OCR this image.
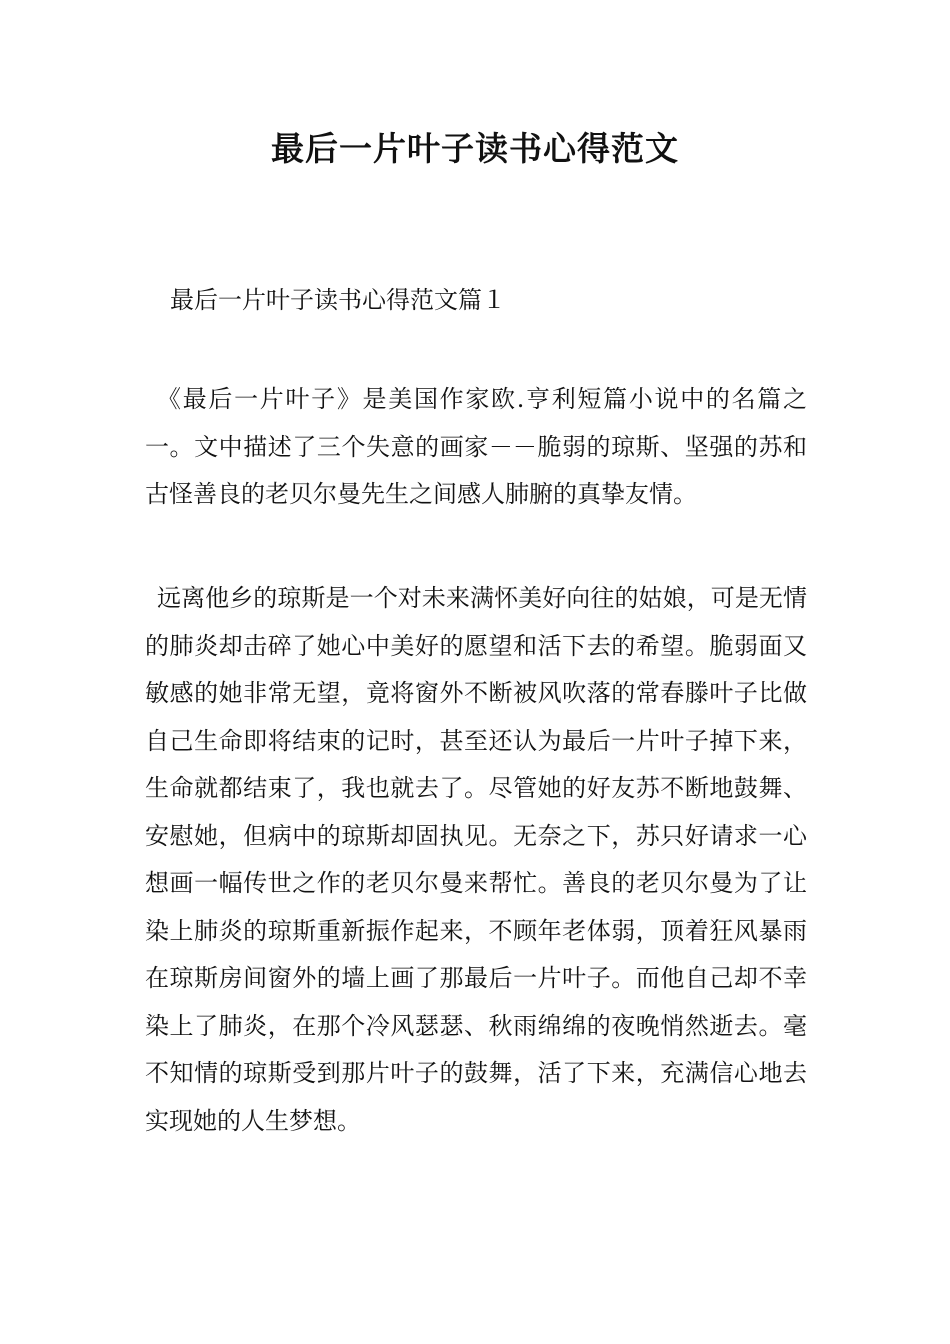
最后一片叶子读书心得范文
最后一片叶子读书心得范文篇１

《最后一片叶子》是美国作家欧.亨利短篇小说中的名篇之一。文中描述了三个失意的画家－－脆弱的琼斯、坚强的苏和古怪善良的老贝尔曼先生之间感人肺腑的真挚友情。

远离他乡的琼斯是一个对未来满怀美好向往的姑娘，可是无情的肺炎却击碎了她心中美好的愿望和活下去的希望。脆弱面又敏感的她非常无望，竟将窗外不断被风吹落的常春滕叶子比做自己生命即将结束的记时，甚至还认为最后一片叶子掉下来，生命就都结束了，我也就去了。尽管她的好友苏不断地鼓舞、安慰她，但病中的琼斯却固执见。无奈之下，苏只好请求一心想画一幅传世之作的老贝尔曼来帮忙。善良的老贝尔曼为了让染上肺炎的琼斯重新振作起来，不顾年老体弱，顶着狂风暴雨在琼斯房间窗外的墙上画了那最后一片叶子。而他自己却不幸染上了肺炎，在那个冷风瑟瑟、秋雨绵绵的夜晚悄然逝去。毫不知情的琼斯受到那片叶子的鼓舞，活了下来，充满信心地去实现她的人生梦想。
